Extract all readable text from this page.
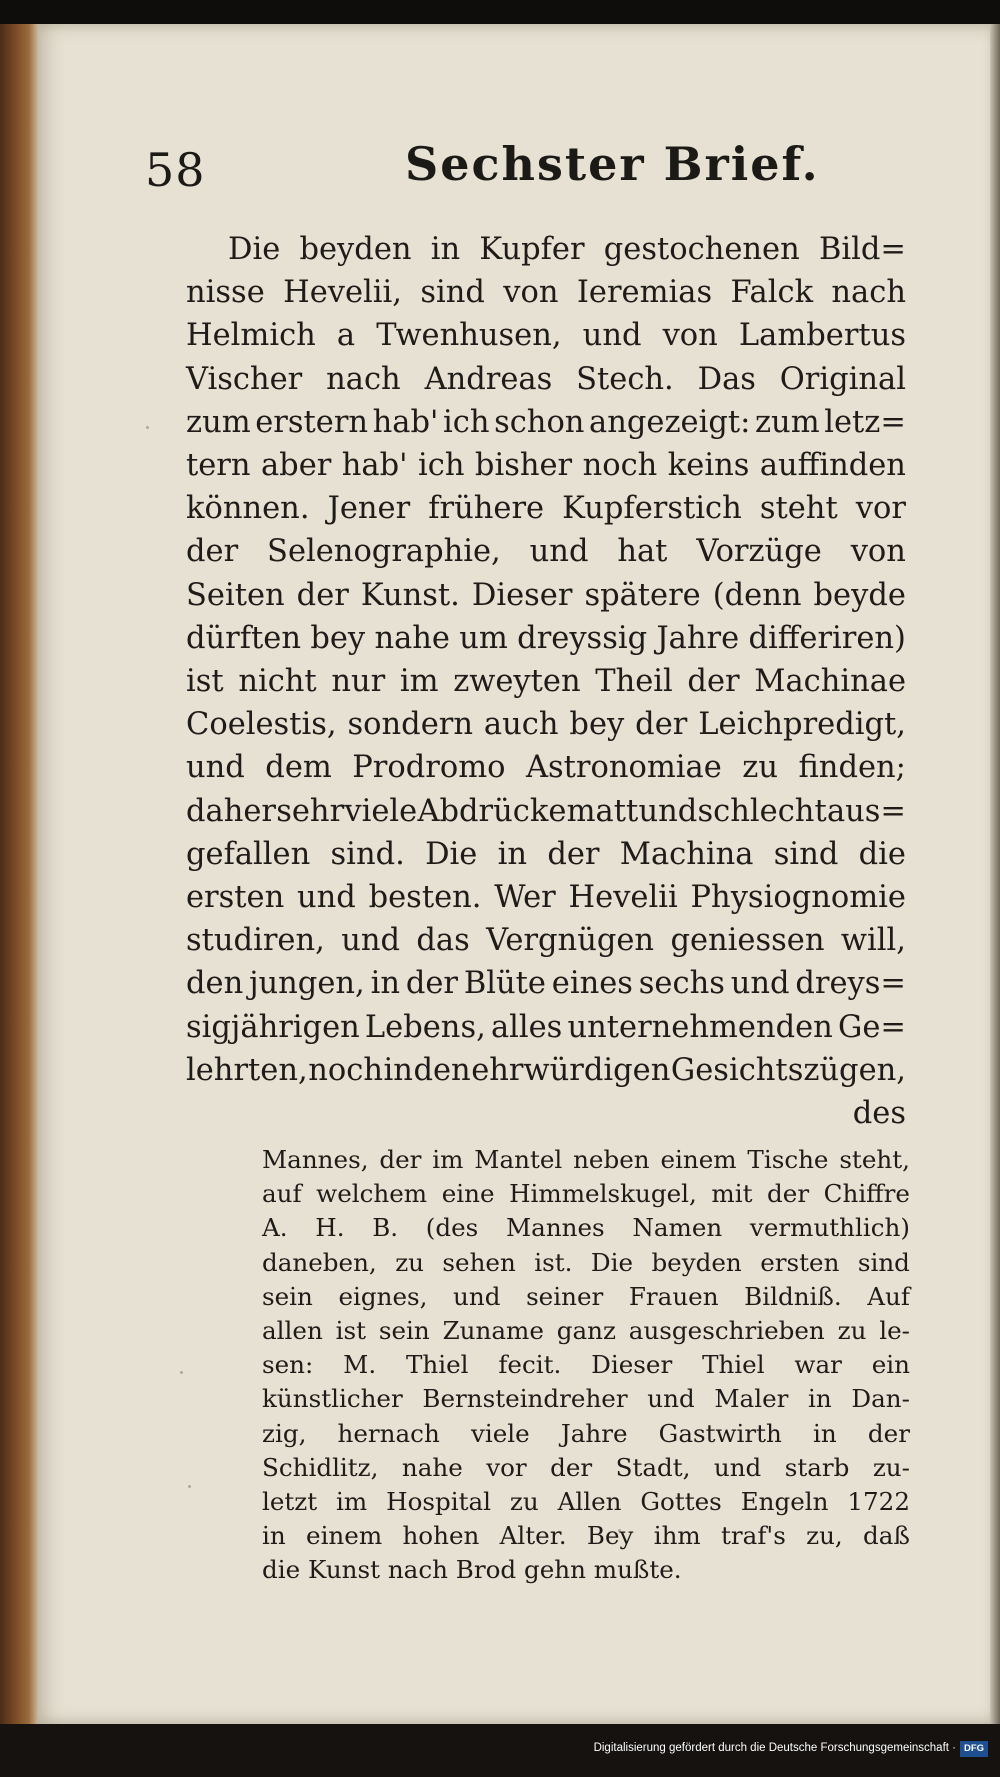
58	Sechster Brief.
Die beyden in Kupfer gestochenen Bild=
nisse Hevelii, sind von Ieremias Falck nach
Helmich a Twenhusen, und von Lambertus
Vischer nach Andreas Stech. Das Original
zum erstern hab' ich schon angezeigt: zum letz=
tern aber hab' ich bisher noch keins auffinden
können. Jener frühere Kupferstich steht vor
der Selenographie, und hat Vorzüge von
Seiten der Kunst. Dieser spätere (denn beyde
dürften bey nahe um dreyssig Jahre differiren)
ist nicht nur im zweyten Theil der Machinae
Coelestis, sondern auch bey der Leichpredigt,
und dem Prodromo Astronomiae zu finden;
daher sehr viele Abdrücke matt und schlecht aus=
gefallen sind. Die in der Machina sind die
ersten und besten. Wer Hevelii Physiognomie
studiren, und das Vergnügen geniessen will,
den jungen, in der Blüte eines sechs und dreys=
sigjährigen Lebens, alles unternehmenden Ge=
lehrten, noch in den ehrwürdigen Gesichtszügen,
des
Mannes, der im Mantel neben einem Tische steht,
auf welchem eine Himmelskugel, mit der Chiffre
A. H. B. (des Mannes Namen vermuthlich)
daneben, zu sehen ist. Die beyden ersten sind
sein eignes, und seiner Frauen Bildniß. Auf
allen ist sein Zuname ganz ausgeschrieben zu le-
sen: M. Thiel fecit. Dieser Thiel war ein
künstlicher Bernsteindreher und Maler in Dan-
zig, hernach viele Jahre Gastwirth in der
Schidlitz, nahe vor der Stadt, und starb zu-
letzt im Hospital zu Allen Gottes Engeln 1722
in einem hohen Alter. Bey ihm traf's zu, daß
die Kunst nach Brod gehn mußte.
Digitalisierung gefördert durch die Deutsche Forschungsgemeinschaft · DFG
